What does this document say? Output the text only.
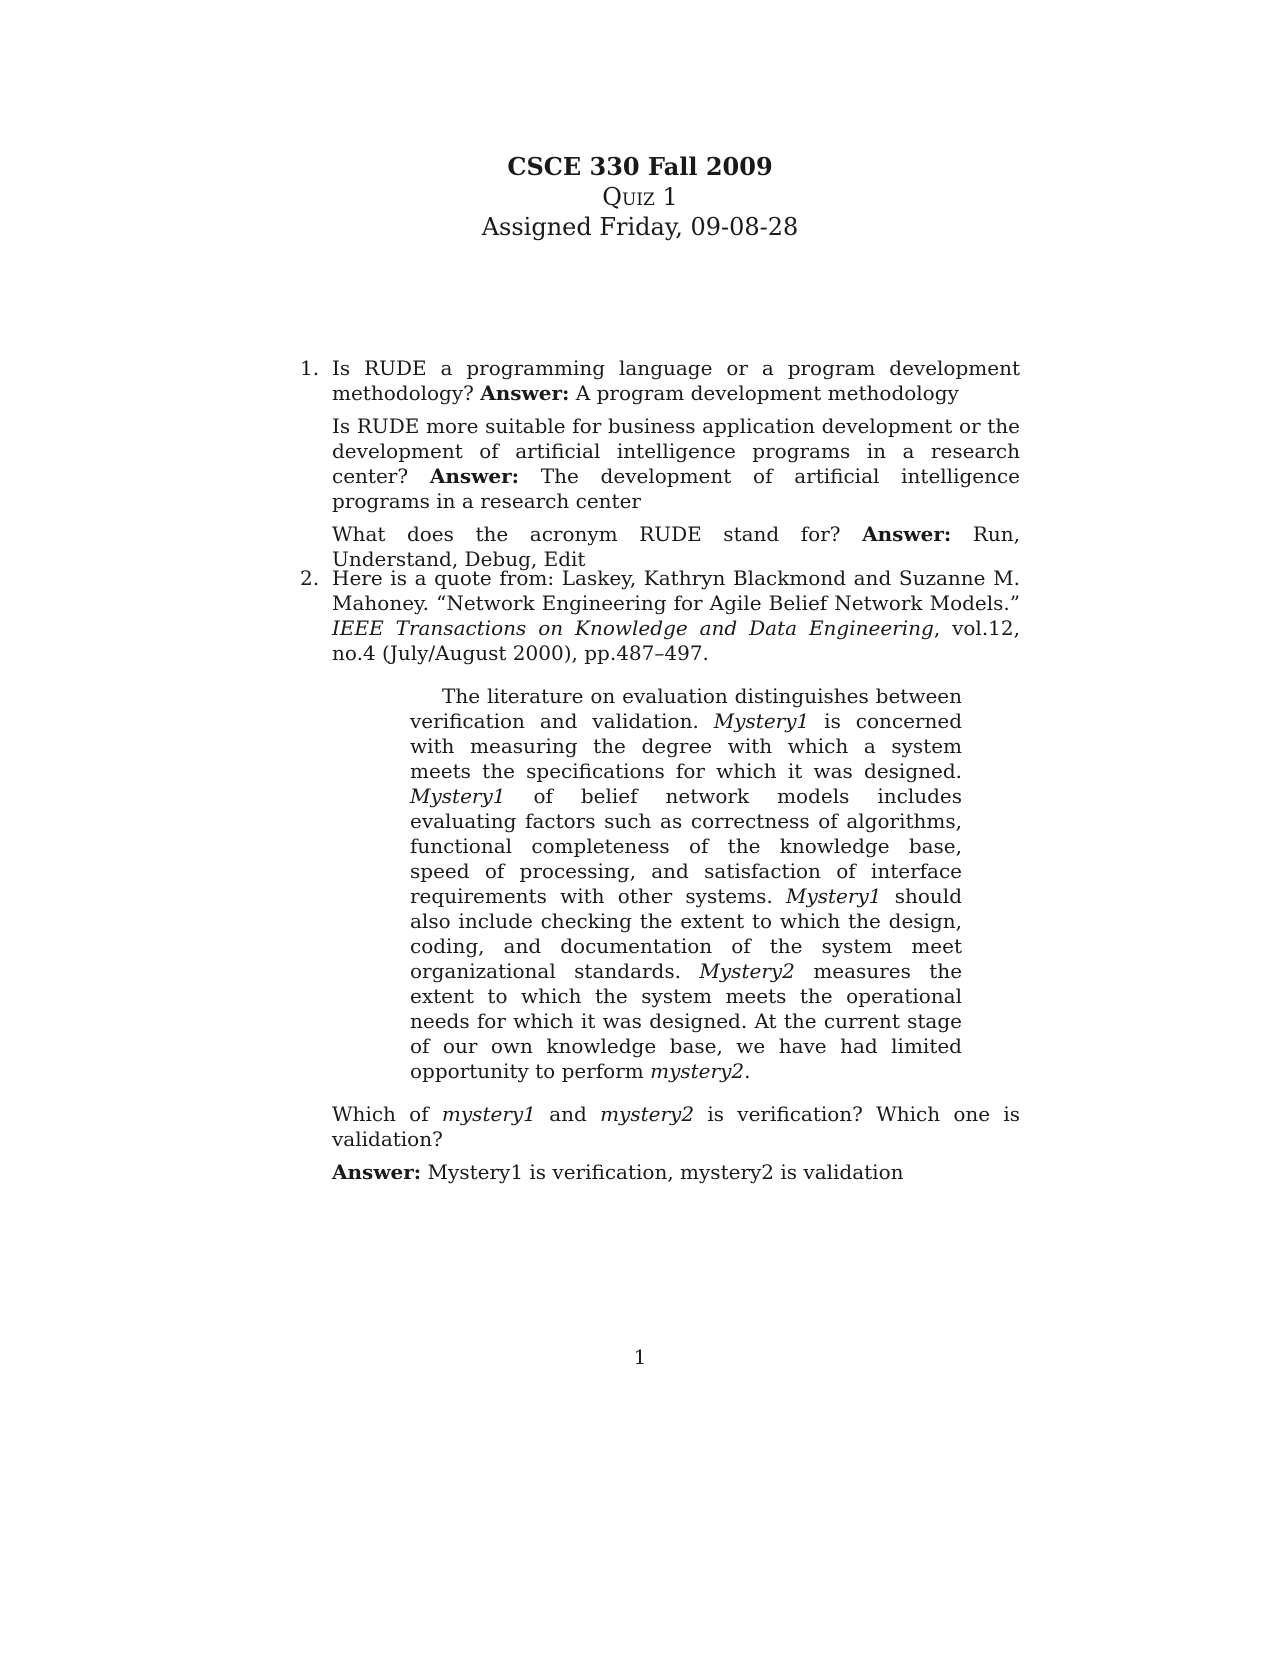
CSCE 330 Fall 2009
Quiz 1
Assigned Friday, 09-08-28
1. Is RUDE a programming language or a program development methodology? Answer: A program development methodology

Is RUDE more suitable for business application development or the development of artificial intelligence programs in a research center? Answer: The development of artificial intelligence programs in a research center

What does the acronym RUDE stand for? Answer: Run, Understand, Debug, Edit

2. Here is a quote from: Laskey, Kathryn Blackmond and Suzanne M. Mahoney. “Network Engineering for Agile Belief Network Models.” IEEE Transactions on Knowledge and Data Engineering, vol.12, no.4 (July/August 2000), pp.487–497.

The literature on evaluation distinguishes between verification and validation. Mystery1 is concerned with measuring the degree with which a system meets the specifications for which it was designed. Mystery1 of belief network models includes evaluating factors such as correctness of algorithms, functional completeness of the knowledge base, speed of processing, and satisfaction of interface requirements with other systems. Mystery1 should also include checking the extent to which the design, coding, and documentation of the system meet organizational standards. Mystery2 measures the extent to which the system meets the operational needs for which it was designed. At the current stage of our own knowledge base, we have had limited opportunity to perform mystery2.

Which of mystery1 and mystery2 is verification? Which one is validation?

Answer: Mystery1 is verification, mystery2 is validation

1
